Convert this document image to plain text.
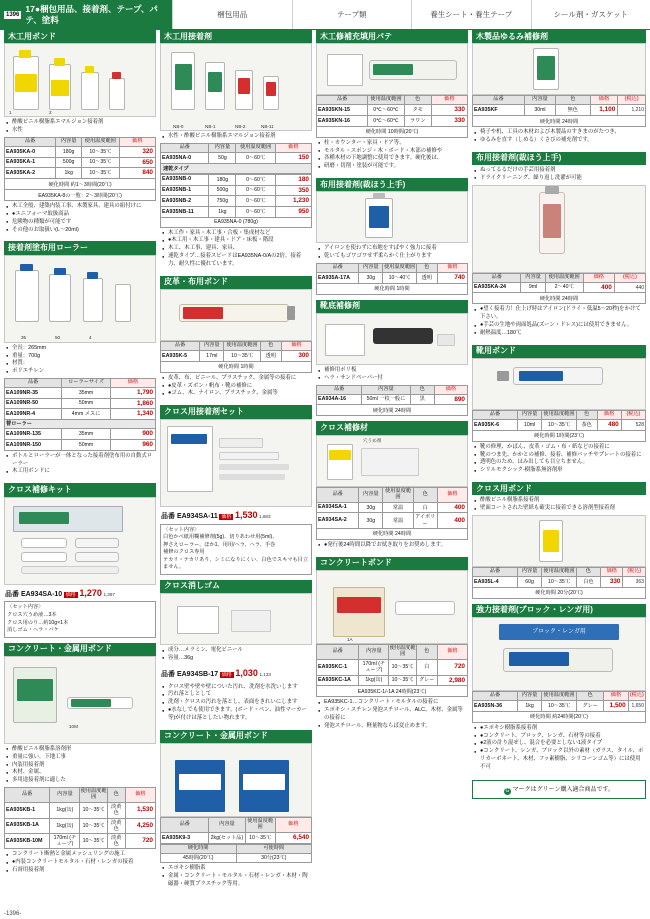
1396
17●梱包用品、接着剤、テープ、パテ、塗料	梱包用品	テープ類	養生シート・養生テープ	シール剤・ガスケット
木工用ボンド
1	2
● 酢酸ビニル樹脂系エマルジョン接着剤
● 水性
品番	内容量	使用温度範囲	価格
EA935KA-0	180g	10～35℃	320
EA935KA-1	500g	10～35℃	650
EA935KA-2	1kg	10～35℃	840
硬化時間 約1～3時間(20℃)
EA935KA-8の一覧：2～3時間(20℃)
● 木工全般、建築内装工事、木製家具、建具の組付けに
● ●ユニフォーマ取扱商品
● 危険物の種類が可能です
● その他のお取扱い(L～20ml)
接着剤塗布用ローラー
35	50	4
● 全長：265mm
● 重量：700g
● 材質：
● ポリエチレン
品番	ローラーサイズ	価格
EA109NR-35	35mm	1,790
EA109NR-50	50mm	1,860
EA109NR-4	4mm メスに	1,340
替ローラー		
EA109NR-135	35mm	900
EA109NR-150	50mm	960
● ボトルとローラーが一体となった接着剤塗布用の自動式ローラー
● 木工用ボンドに
クロス補修キット
品番 EA934SA-10 価格 1,270 1,397
〈セット内容〉
クロス穴うめ液…3本
クロス用のり…約10g×1本
消しゴム・ヘラ・バケ
コンクリート・金属用ボンド
10M
● 酢酸ビニル樹脂系溶剤形
● 重量に強い。下地工事
● 内装用接着剤
● 木材、金属、
● 多用途接着剤に適した
品番	内容量	使用温度範囲	色	価格
EA935KB-1	1kg(缶)	10～35℃	淡黄色	1,530
EA935KB-1A	1kg(缶)	10～35℃	淡黄色	4,250
EA935KB-10M	170ml (チューブ)	10～35℃	淡黄色	720
● コンクリート断熱と金属メッシュリングの施工
● ●内装コンクリートモルタル・石材・レンガの接着
● 石膏用接着剤
木工用接着剤
NB-0	NB-1	NB-2	NB-11
● 水性・酢酸ビニル樹脂系エマルジョン接着剤
品番	内容量	使用温度範囲	価格
EA935NA-0	50g	0～60℃	150
速乾タイプ
EA935NB-0	180g	0～60℃	180
EA935NB-1	500g	0～60℃	350
EA935NB-2	750g	0～60℃	1,230
EA935NB-11	1kg	0～60℃	950
EA935NA-0 (780g)
● 木工作・家具・木工事・合板・集成材など
● ●木工用・木工事・建具・ドア・床板・階段
● 木工、木工事、建具、家具、
● 速乾タイプ…接着スピードはEA935NA-0/Aの2倍。接着力、耐久性に優れています。
皮革・布用ボンド
品番	内容量	使用温度範囲	色	価格
EA935K-5	17ml	10～35℃	透明	300
硬化時間 1時間
● 皮革、布、ビニール、プラスチック、金属等の接着に
● ●皮革・ズボン・帆布・靴の補修に
● ●ゴム、木、ナイロン、プラスチック、金属等
クロス用接着剤セット
品番 EA934SA-11 価格 1,530 1,683
〈セット内容〉
白色かべ紙用糊補修剤(5g)、切りあわせ用(5ml)、
押さえローラー、ほか1、用用/ヘラ、ヘラ、手巻
補修のクロス専用
テカリ・テカリあり、シミになりにくい、白色でスキマも目立ません。
クロス消しゴム
● 成分…メラミン、電化ビニール
● 容量…36g
品番 EA934SB-17 価格 1,030 1,133
● クロス壁や壁や壁についた汚れ、洗剤を水洗いします
● 汚れ落としとして
● 洗剤・クロスの汚れを落とし、表面をきれいにします
● ●水なしでも使用できます。(ボード・ペン、油性マーカー等)が付けは落としたい物れます。
コンクリート・金属用ボンド
品番	内容量	使用温度範囲	価格
EA935K9-3	2kg(セット品)	10～35℃	6,540
硬化時間	可使時間
45時間(20℃)	30分(23℃)
● エポキシ樹脂系
● 金属・コンクリート・モルタル・石材・レンガ・木材・陶磁器・硬質プラスチック等用。
木工修補充填用パテ
品番	使用温度範囲	色	価格
EA935KN-15	0℃～60℃	タモ	330
EA935KN-16	0℃～60℃	ラワン	330
硬化時間 10時間(20℃)
● 柱・カウンター・家具・ドア等、
● モルタル・スポンジ・木・ボード・木部の補修や
● 各種木材の下地調整に使用できます。硬化後は、
● 研磨・切削・塗装が可能です。
布用接着剤(裁ほう上手)
● アイロンを使わずに布地をすばやく強力に接着
● 乾いてもゴワゴワせず柔らかく仕上がります
品番	内容量	使用温度範囲	色	価格
EA935A-17A	30g	10～40℃	透明	740
硬化時間 1時間
靴底補修剤
● 補修用ポリ板
● ヘラ・サンドペーパー付
品番	内容量	色	価格
EA934A-16	50ml 一枚一般に	黒	890
硬化時間 24時間
クロス補修材
穴うめ剤
品番	内容量	使用温度範囲	色	価格
EA934SA-1	30g	常温	白	400
EA934SA-2	30g	常温	アイボリー	400
硬化時間 24時間
● ●発行後24時間以降でお拭き取りをお奨めします。
コンクリートボンド
1A
品番	内容量	使用温度範囲	色	価格
EA935KC-1	170ml (チューブ)	10～35℃	白	720
EA935KC-1A	1kg(缶)	10～35℃	グレー	2,980
EA935KC-1/-1A 24時間(23℃)
● EA935KC-1…コンクリート・モルタルの接着に
● エポキシ・スチレン発泡スチロール、ALC、木材、金属等の接着に
● 発泡スチロール、軽量物ならば変止めます。
木製品ゆるみ補修剤
品番	内容量	色	価格	(税込)
EA935KF	30ml	無色	1,100	1,210
硬化時間 24時間
● 椅子や机、工具の木材および木製品のすきまのがたつき、
● ゆるみを直す（しめる）くさびの補充剤です。
布用接着剤(裁ほう上手)
● ぬってるるだけの手芸用接着剤
● ドライクリーニング、繰り返し洗濯が可能
品番	内容量	使用温度範囲	価格	(税込)
EA935KA-24	9ml	2～40℃	400	440
硬化時間 24時間
● ●望く接着力！仕上げ時はアイロン(ドライ・低温5～20秒)をかけて下さい。
● ●手芸の生地や両面処品(ズーン・ドレス)には使用できません。
● 耐熱温度…180℃
靴用ボンド
品番	内容量	使用温度範囲	色	価格	(税込)
EA935K-6	10ml	10～35℃	茶色	480	528
硬化時間 1時間(23℃)
● 靴の修理、かばん、皮革・ゴム・布・紙などの接着に
● 靴のつま先、かかとの補修、接着、補修パッチやプレートの接着に
● 透明色のため、はみ出しても目立ちません。
● シリルモクシック-樹脂系無溶剤形
クロス用ボンド
● 酢酸ビニル樹脂系接着剤
● 壁面コートされた壁紙も確実に接着できる溶剤型接着剤
品番	内容量	使用温度範囲	色	価格	(税込)
EA935L-4	60g	10～35℃	白色	330	363
硬化時間 20分(20℃)
強力接着剤(ブロック・レンガ用)
ブロック・レンガ用
品番	内容量	使用温度範囲	色	価格	(税込)
EA935N-36	1kg	10～35℃	グレー	1,500	1,650
硬化時間 約24時間(20℃)
● ●エポキシ樹脂系接着剤
● ●コンクリート、ブロック、レンガ、石材等の接着
● ●2液の計り混ぜし、混合を必要としない1液タイプ
● ●コンクリート、レンガ、ブロック以外の素材（ガラス、タイル、ポリカーボネート、木材、フッ素樹脂、シリコーンゴム等）には使用不可
G マークはグリーン購入適合商品です。
-1396-
